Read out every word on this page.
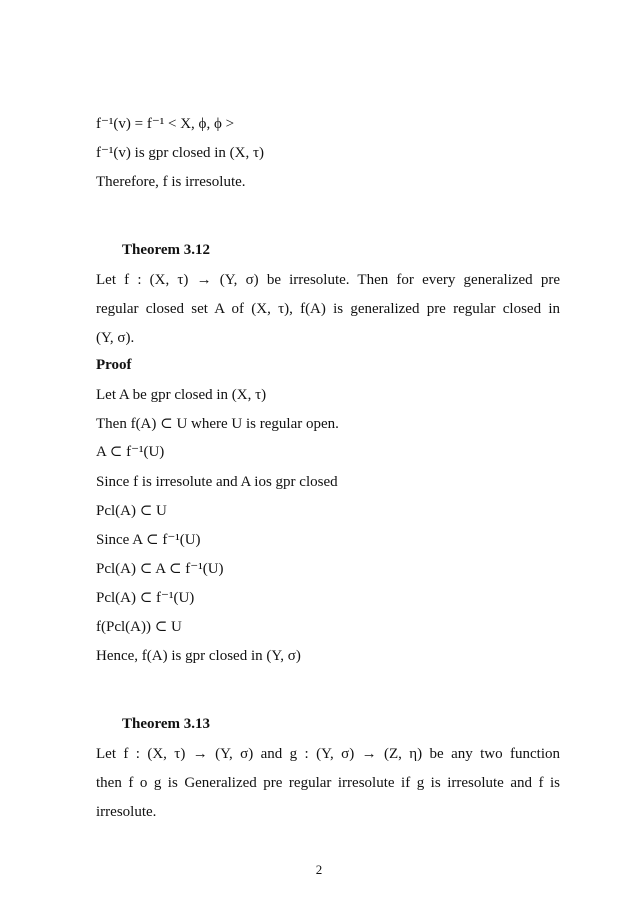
f⁻¹(v) = f⁻¹ < X, ϕ, ϕ >
f⁻¹(v) is gpr closed in (X, τ)
Therefore, f is irresolute.
Theorem 3.12
Let f : (X, τ) → (Y, σ) be irresolute. Then for every generalized pre
regular closed set A of (X, τ), f(A) is generalized pre regular closed in
(Y, σ).
Proof
Let A be gpr closed in (X, τ)
Then f(A) ⊂ U where U is regular open.
A ⊂ f⁻¹(U)
Since f is irresolute and A ios gpr closed
Pcl(A) ⊂ U
Since A ⊂ f⁻¹(U)
Pcl(A) ⊂ A ⊂ f⁻¹(U)
Pcl(A) ⊂ f⁻¹(U)
f(Pcl(A)) ⊂ U
Hence, f(A) is gpr closed in (Y, σ)
Theorem 3.13
Let f : (X, τ) → (Y, σ) and g : (Y, σ) → (Z, η) be any two function
then f o g is Generalized pre regular irresolute if g is irresolute and f is
irresolute.
2
